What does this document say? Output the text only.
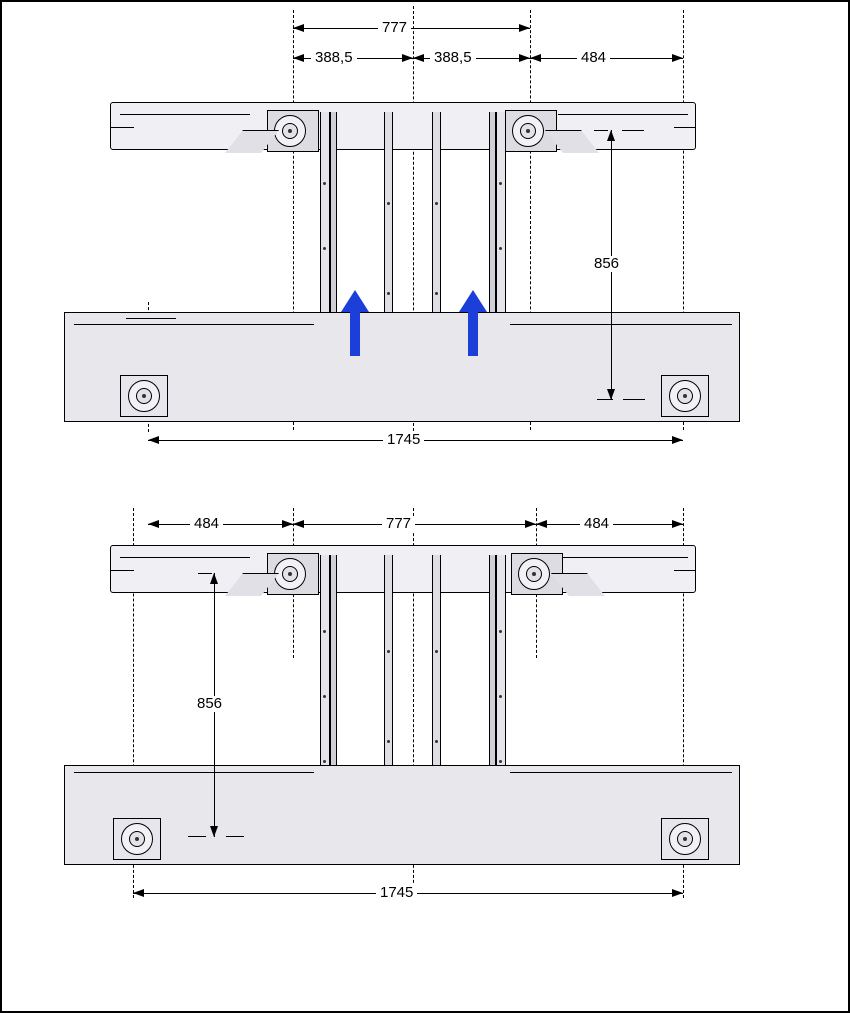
777
388,5	388,5	484
856
1745
484	777	484
856
1745
